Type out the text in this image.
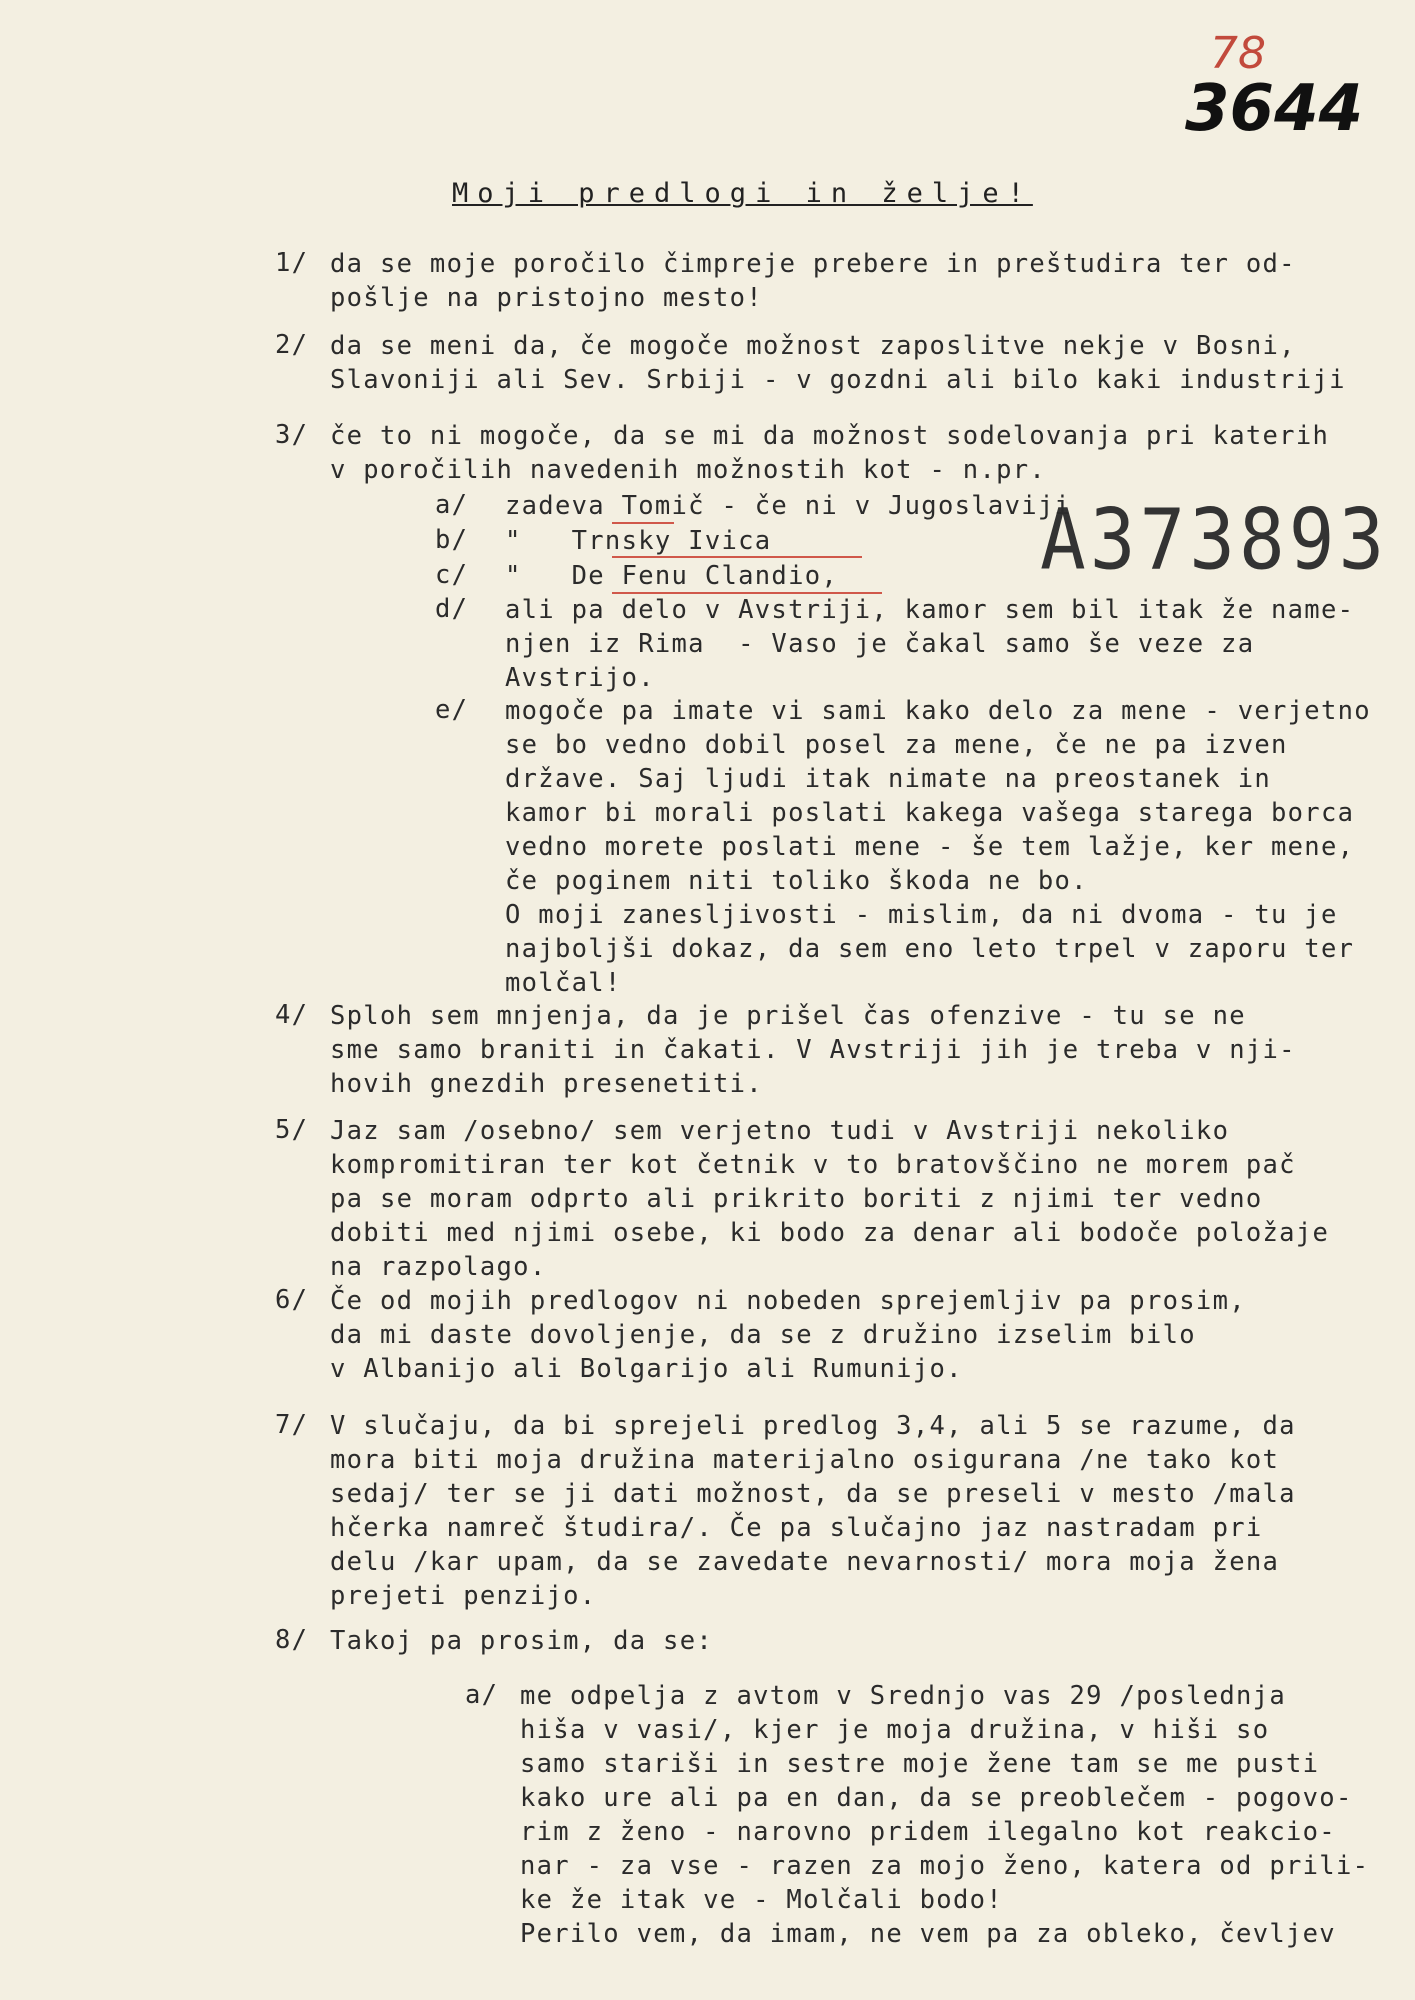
78
3644
Moji predlogi in želje!
A373893
1/ da se moje poročilo čimpreje prebere in preštudira ter od-
pošlje na pristojno mesto!
2/ da se meni da, če mogoče možnost zaposlitve nekje v Bosni,
Slavoniji ali Sev. Srbiji - v gozdni ali bilo kaki industriji
3/ če to ni mogoče, da se mi da možnost sodelovanja pri katerih
v poročilih navedenih možnostih kot - n.pr.
4/ Sploh sem mnjenja, da je prišel čas ofenzive - tu se ne
sme samo braniti in čakati. V Avstriji jih je treba v nji-
hovih gnezdih presenetiti.
5/ Jaz sam /osebno/ sem verjetno tudi v Avstriji nekoliko
kompromitiran ter kot četnik v to bratovščino ne morem pač
pa se moram odprto ali prikrito boriti z njimi ter vedno
dobiti med njimi osebe, ki bodo za denar ali bodoče položaje
na razpolago.
6/ Če od mojih predlogov ni nobeden sprejemljiv pa prosim,
da mi daste dovoljenje, da se z družino izselim bilo
v Albanijo ali Bolgarijo ali Rumunijo.
7/ V slučaju, da bi sprejeli predlog 3,4, ali 5 se razume, da
mora biti moja družina materijalno osigurana /ne tako kot
sedaj/ ter se ji dati možnost, da se preseli v mesto /mala
hčerka namreč študira/. Če pa slučajno jaz nastradam pri
delu /kar upam, da se zavedate nevarnosti/ mora moja žena
prejeti penzijo.
8/ Takoj pa prosim, da se:
a/ zadeva Tomič - če ni v Jugoslaviji
b/ "   Trnsky Ivica
c/ "   De Fenu Clandio,
d/ ali pa delo v Avstriji, kamor sem bil itak že name-
njen iz Rima  - Vaso je čakal samo še veze za
Avstrijo.
e/ mogoče pa imate vi sami kako delo za mene - verjetno
se bo vedno dobil posel za mene, če ne pa izven
države. Saj ljudi itak nimate na preostanek in
kamor bi morali poslati kakega vašega starega borca
vedno morete poslati mene - še tem lažje, ker mene,
če poginem niti toliko škoda ne bo.
O moji zanesljivosti - mislim, da ni dvoma - tu je
najboljši dokaz, da sem eno leto trpel v zaporu ter
molčal!
a/ me odpelja z avtom v Srednjo vas 29 /poslednja
hiša v vasi/, kjer je moja družina, v hiši so
samo stariši in sestre moje žene tam se me pusti
kako ure ali pa en dan, da se preoblečem - pogovo-
rim z ženo - narovno pridem ilegalno kot reakcio-
nar - za vse - razen za mojo ženo, katera od prili-
ke že itak ve - Molčali bodo!
Perilo vem, da imam, ne vem pa za obleko, čevljev
